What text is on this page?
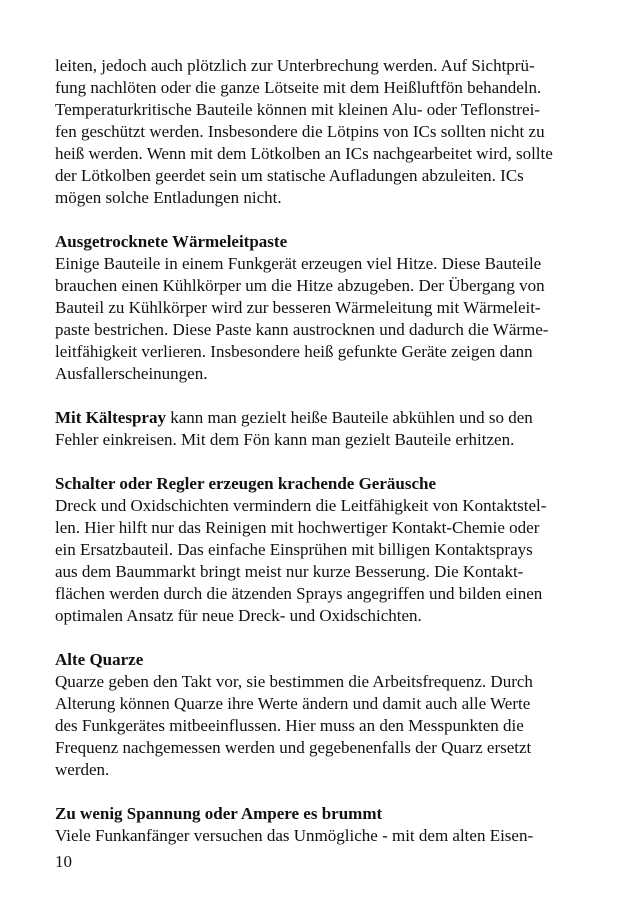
leiten, jedoch auch plötzlich zur Unterbrechung werden. Auf Sichtprü-
fung nachlöten oder die ganze Lötseite mit dem Heißluftfön behandeln.
Temperaturkritische Bauteile können mit kleinen Alu- oder Teflonstrei-
fen geschützt werden. Insbesondere die Lötpins von ICs sollten nicht zu
heiß werden. Wenn mit dem Lötkolben an ICs nachgearbeitet wird, sollte
der Lötkolben geerdet sein um statische Aufladungen abzuleiten. ICs
mögen solche Entladungen nicht.
Ausgetrocknete Wärmeleitpaste
Einige Bauteile in einem Funkgerät erzeugen viel Hitze. Diese Bauteile
brauchen einen Kühlkörper um die Hitze abzugeben. Der Übergang von
Bauteil zu Kühlkörper wird zur besseren Wärmeleitung mit Wärmeleit-
paste bestrichen. Diese Paste kann austrocknen und dadurch die Wärme-
leitfähigkeit verlieren. Insbesondere heiß gefunkte Geräte zeigen dann
Ausfallerscheinungen.
Mit Kältespray kann man gezielt heiße Bauteile abkühlen und so den
Fehler einkreisen. Mit dem Fön kann man gezielt Bauteile erhitzen.
Schalter oder Regler erzeugen krachende Geräusche
Dreck und Oxidschichten vermindern die Leitfähigkeit von Kontaktstel-
len. Hier hilft nur das Reinigen mit hochwertiger Kontakt-Chemie oder
ein Ersatzbauteil. Das einfache Einsprühen mit billigen Kontaktsprays
aus dem Baummarkt bringt meist nur kurze Besserung. Die Kontakt-
flächen werden durch die ätzenden Sprays angegriffen und bilden einen
optimalen Ansatz für neue Dreck- und Oxidschichten.
Alte Quarze
Quarze geben den Takt vor, sie bestimmen die Arbeitsfrequenz. Durch
Alterung können Quarze ihre Werte ändern und damit auch alle Werte
des Funkgerätes mitbeeinflussen. Hier muss an den Messpunkten die
Frequenz nachgemessen werden und gegebenenfalls der Quarz ersetzt
werden.
Zu wenig Spannung oder Ampere es brummt
Viele Funkanfänger versuchen das Unmögliche - mit dem alten Eisen-
10
